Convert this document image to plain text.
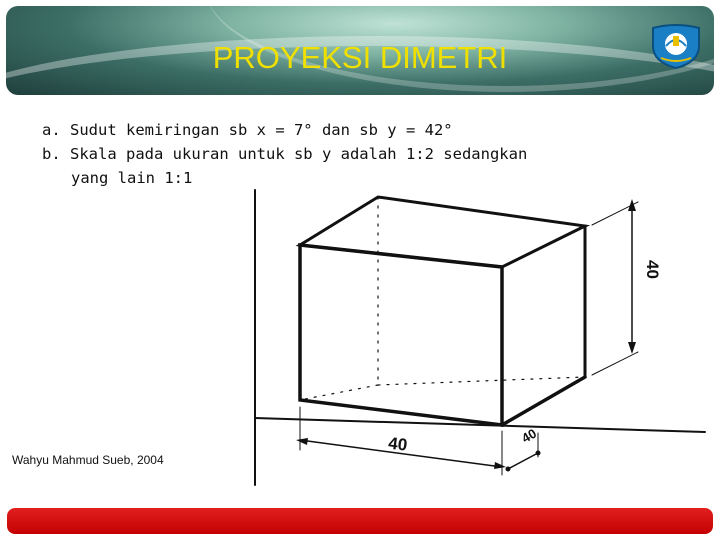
PROYEKSI DIMETRI
a. Sudut kemiringan sb x = 7° dan sb y = 42°
b. Skala pada ukuran untuk sb y adalah 1:2 sedangkan
yang lain 1:1
40
40	40
Wahyu Mahmud Sueb, 2004
